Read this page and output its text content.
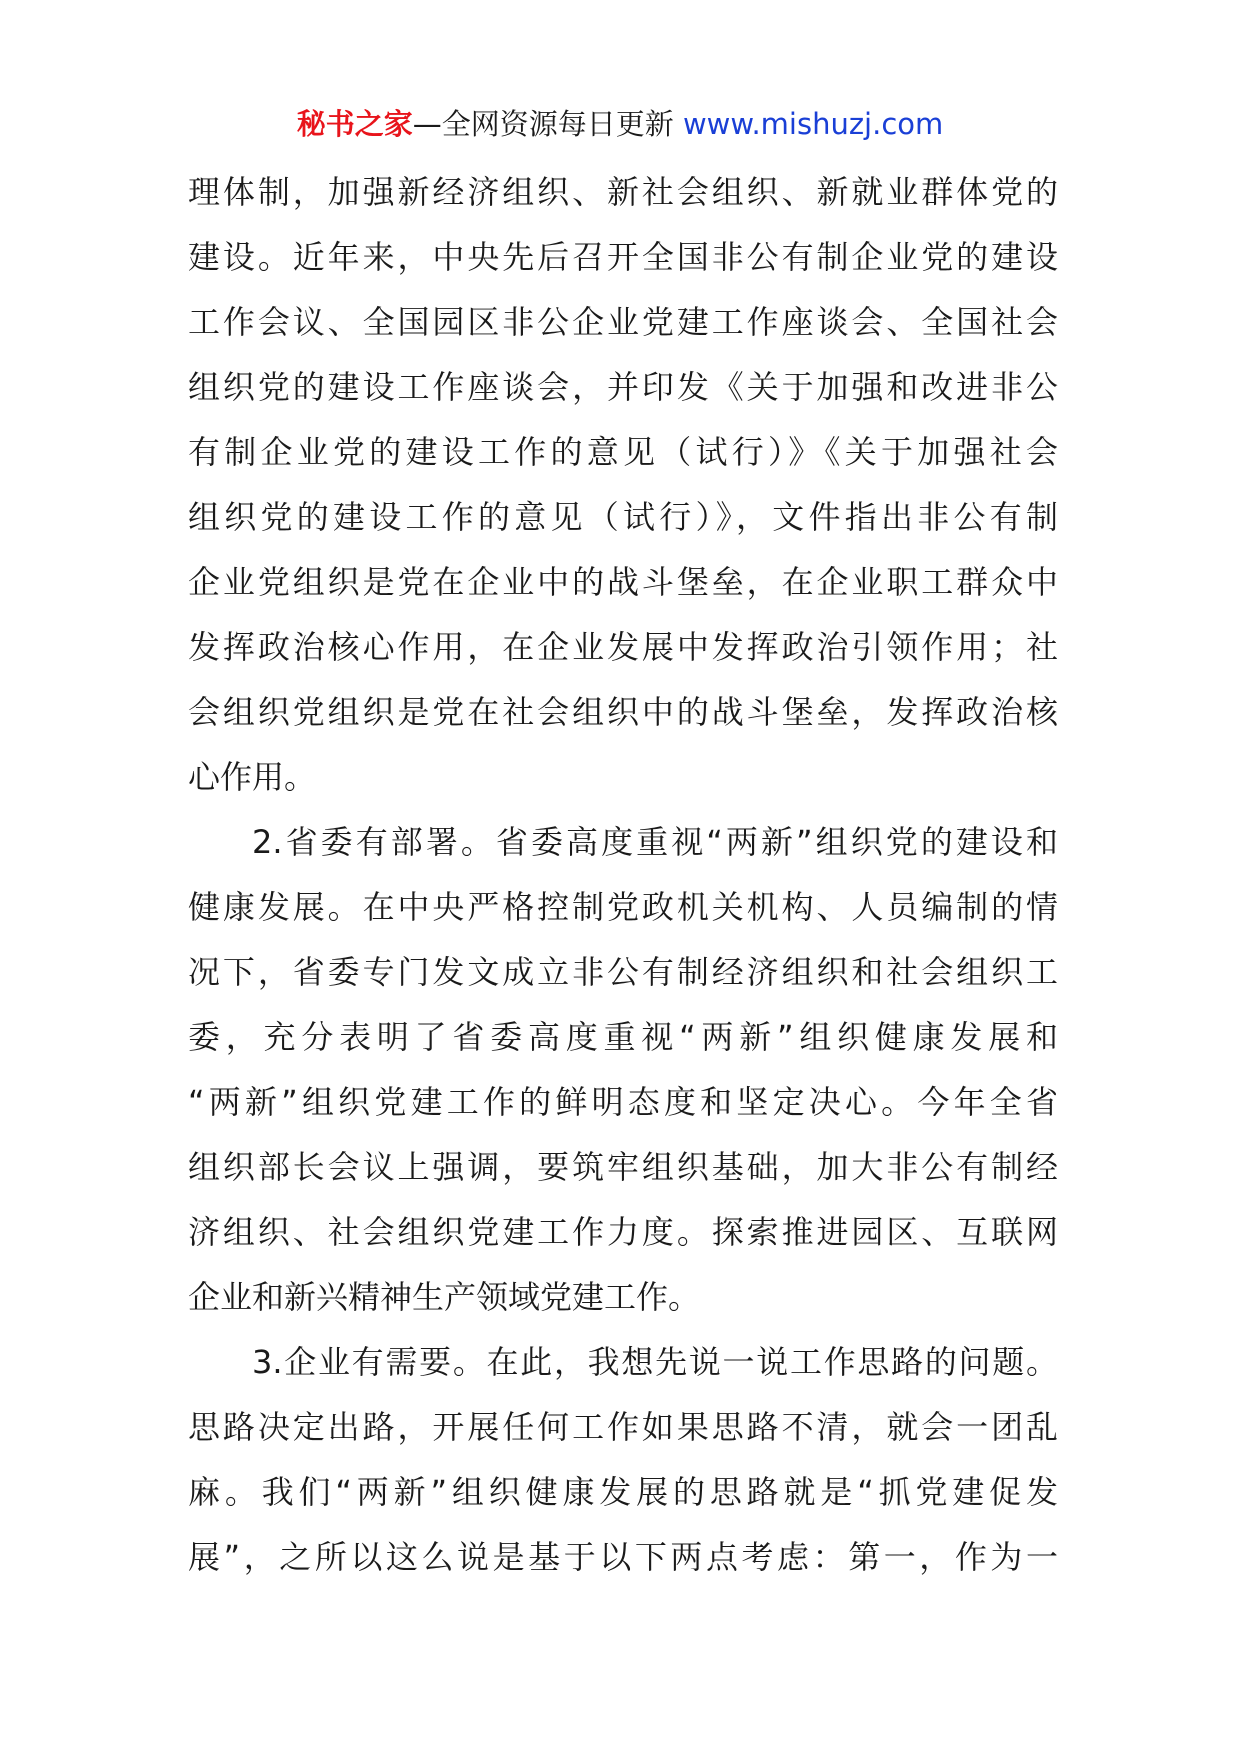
秘书之家—全网资源每日更新 www.mishuzj.com
理体制，加强新经济组织、新社会组织、新就业群体党的
建设。近年来，中央先后召开全国非公有制企业党的建设
工作会议、全国园区非公企业党建工作座谈会、全国社会
组织党的建设工作座谈会，并印发《关于加强和改进非公
有制企业党的建设工作的意见（试行）》《关于加强社会
组织党的建设工作的意见（试行）》，文件指出非公有制
企业党组织是党在企业中的战斗堡垒，在企业职工群众中
发挥政治核心作用，在企业发展中发挥政治引领作用；社
会组织党组织是党在社会组织中的战斗堡垒，发挥政治核
心作用。
2.省委有部署。省委高度重视“两新”组织党的建设和
健康发展。在中央严格控制党政机关机构、人员编制的情
况下，省委专门发文成立非公有制经济组织和社会组织工
委，充分表明了省委高度重视“两新”组织健康发展和
“两新”组织党建工作的鲜明态度和坚定决心。今年全省
组织部长会议上强调，要筑牢组织基础，加大非公有制经
济组织、社会组织党建工作力度。探索推进园区、互联网
企业和新兴精神生产领域党建工作。
3.企业有需要。在此，我想先说一说工作思路的问题。
思路决定出路，开展任何工作如果思路不清，就会一团乱
麻。我们“两新”组织健康发展的思路就是“抓党建促发
展”，之所以这么说是基于以下两点考虑：第一，作为一
